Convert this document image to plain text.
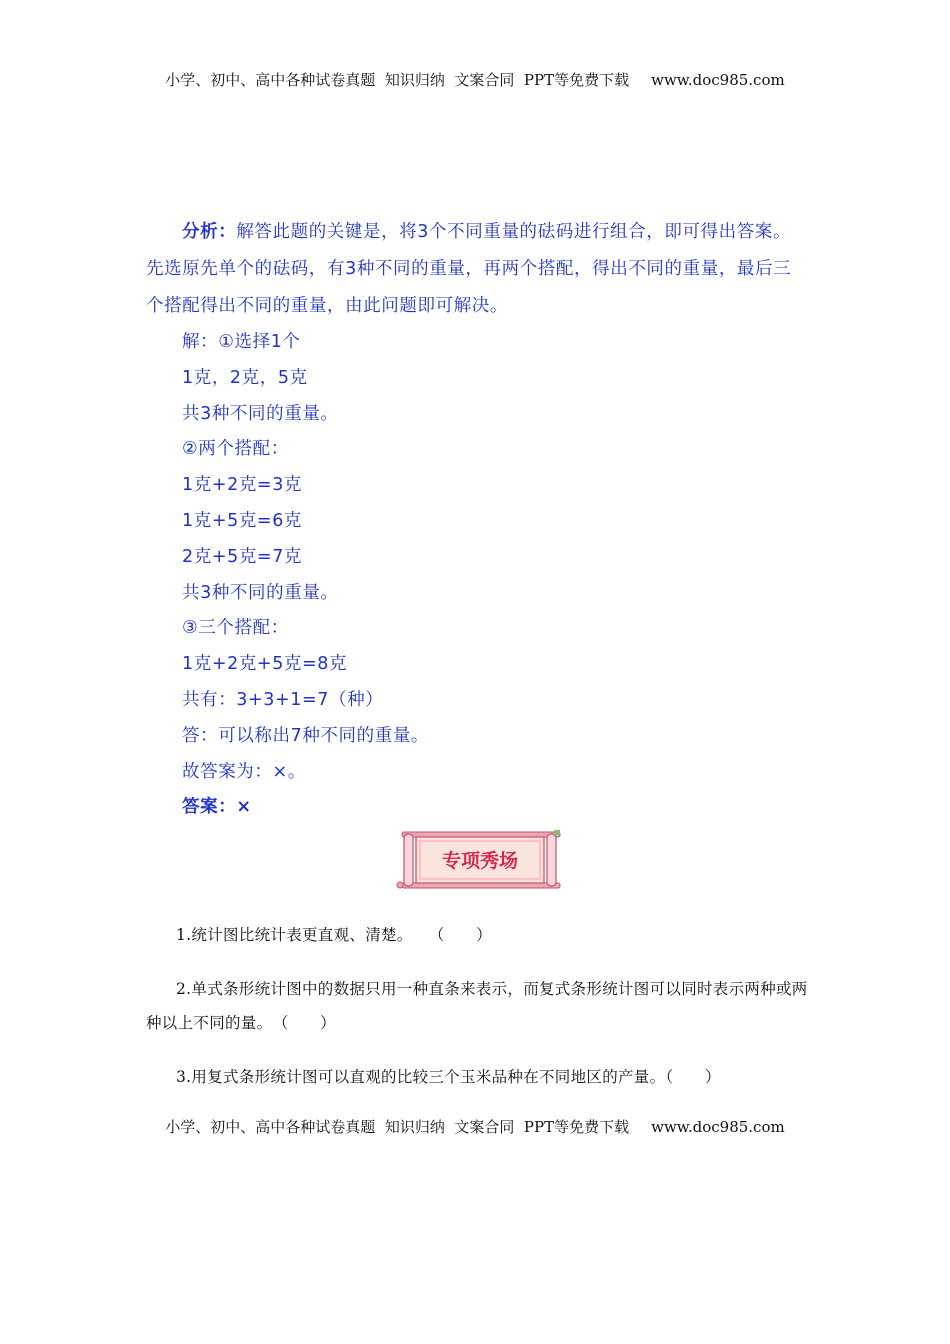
小学、初中、高中各种试卷真题  知识归纳  文案合同  PPT等免费下载 www.doc985.com

分析：解答此题的关键是，将3个不同重量的砝码进行组合，即可得出答案。先选原先单个的砝码，有3种不同的重量，再两个搭配，得出不同的重量，最后三个搭配得出不同的重量，由此问题即可解决。

解：①选择1个
1克，2克，5克
共3种不同的重量。
②两个搭配：
1克+2克=3克
1克+5克=6克
2克+5克=7克
共3种不同的重量。
③三个搭配：
1克+2克+5克=8克
共有：3+3+1=7（种）
答：可以称出7种不同的重量。
故答案为：×。
答案：×
专项秀场

1.统计图比统计表更直观、清楚。　　 （　　）

2.单式条形统计图中的数据只用一种直条来表示，而复式条形统计图可以同时表示两种或两种以上不同的量。　 （　　）

3.用复式条形统计图可以直观的比较三个玉米品种在不同地区的产量。（　　）

小学、初中、高中各种试卷真题  知识归纳  文案合同  PPT等免费下载 www.doc985.com
